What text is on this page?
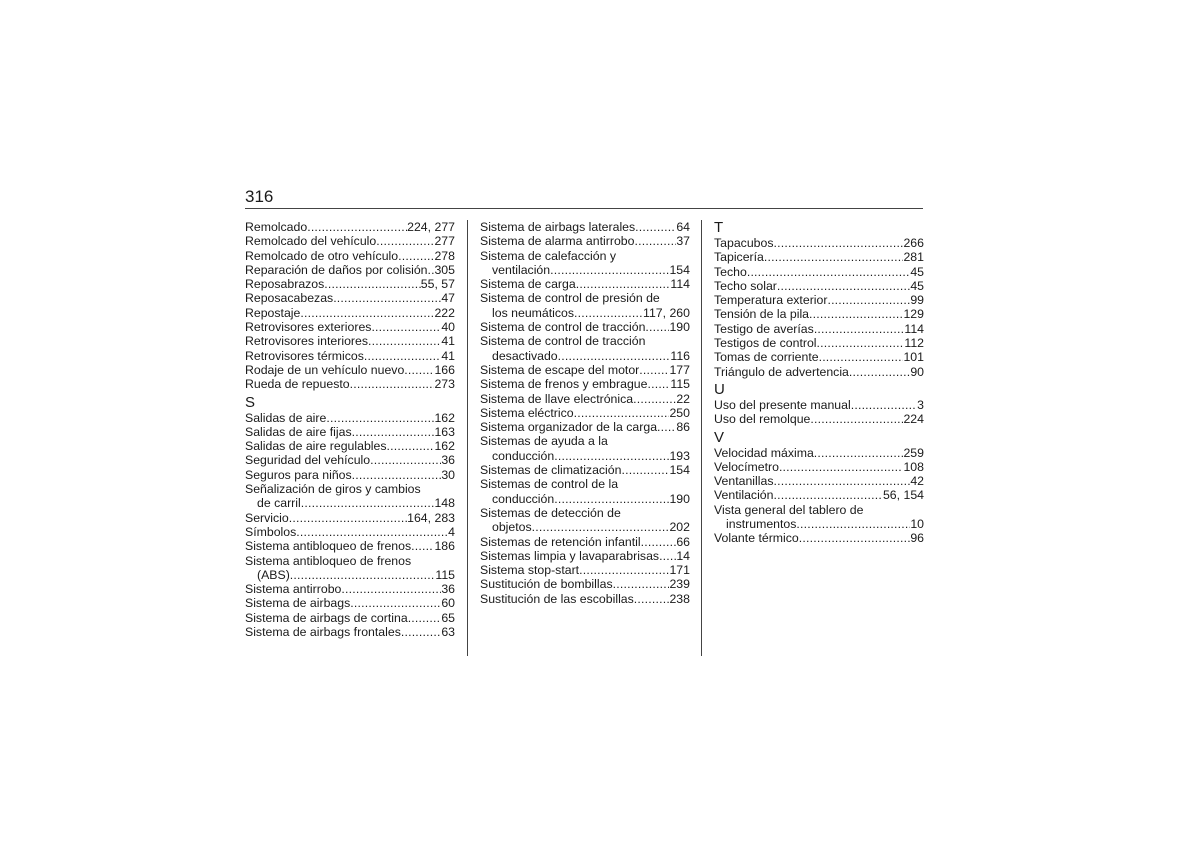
316
Remolcado .....	224, 277
Remolcado del vehículo .....	277
Remolcado de otro vehículo .....	278
Reparación de daños por colisión ..... 305
Reposabrazos .....	55, 57
Reposacabezas .....	47
Repostaje .....	222
Retrovisores exteriores .....	40
Retrovisores interiores .....	41
Retrovisores térmicos .....	41
Rodaje de un vehículo nuevo ..... 166
Rueda de repuesto .....	273
S
Salidas de aire .....	162
Salidas de aire fijas .....	163
Salidas de aire regulables .....	162
Seguridad del vehículo .....	36
Seguros para niños .....	30
Señalización de giros y cambios
de carril .....	148
Servicio .....	164, 283
Símbolos .....	4
Sistema antibloqueo de frenos ..... 186
Sistema antibloqueo de frenos
(ABS) .....	115
Sistema antirrobo .....	36
Sistema de airbags .....	60
Sistema de airbags de cortina .....	65
Sistema de airbags frontales .....	63
Sistema de airbags laterales .....	64
Sistema de alarma antirrobo .....	37
Sistema de calefacción y
ventilación .....	154
Sistema de carga .....	114
Sistema de control de presión de
los neumáticos .....	117, 260
Sistema de control de tracción ..... 190
Sistema de control de tracción
desactivado .....	116
Sistema de escape del motor ..... 177
Sistema de frenos y embrague ..... 115
Sistema de llave electrónica .....	22
Sistema eléctrico .....	250
Sistema organizador de la carga ..... 86
Sistemas de ayuda a la
conducción .....	193
Sistemas de climatización .....	154
Sistemas de control de la
conducción .....	190
Sistemas de detección de
objetos .....	202
Sistemas de retención infantil .....	66
Sistemas limpia y lavaparabrisas ..... 14
Sistema stop-start .....	171
Sustitución de bombillas .....	239
Sustitución de las escobillas .....	238
T
Tapacubos .....	266
Tapicería .....	281
Techo .....	45
Techo solar .....	45
Temperatura exterior .....	99
Tensión de la pila .....	129
Testigo de averías .....	114
Testigos de control .....	112
Tomas de corriente .....	101
Triángulo de advertencia .....	90
U
Uso del presente manual .....	3
Uso del remolque .....	224
V
Velocidad máxima .....	259
Velocímetro .....	108
Ventanillas .....	42
Ventilación .....	56, 154
Vista general del tablero de
instrumentos .....	10
Volante térmico .....	96
